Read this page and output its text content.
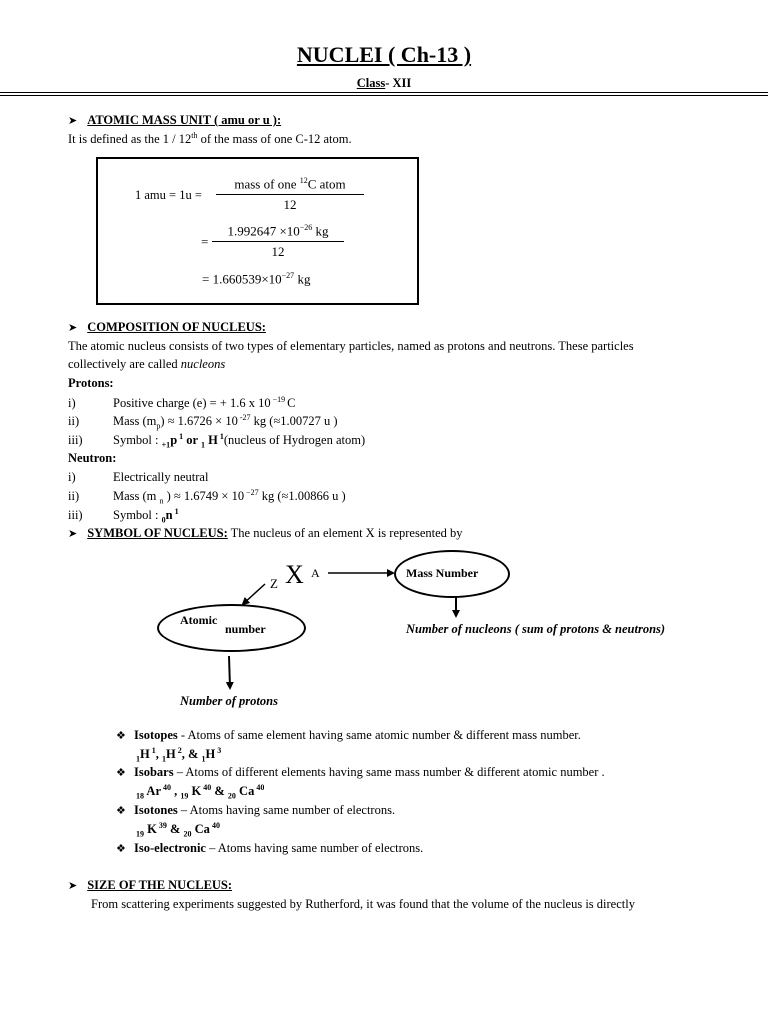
NUCLEI ( Ch-13 )
Class- XII
➤ ATOMIC MASS UNIT ( amu or u ):
It is defined as the 1 / 12th of the mass of one C-12 atom.
1 amu = 1u =
mass of one $^{12}$C atom
12
=
$1.992647 \times 10^{-26}$ kg
12
= $1.660539\times 10^{-27}$ kg
➤ COMPOSITION OF NUCLEUS:
The atomic nucleus consists of two types of elementary particles, named as protons and neutrons. These particles
collectively are called nucleons
Protons:
i)	Positive charge (e) = + 1.6 x 10 $^{-19}$ C
ii)	Mass $(m_p) \approx 1.6726 \times 10$ $^{-27}$ kg (≈1.00727 u )
iii) Symbol : $_{+1}$p $^1$ or $_1$ H $^1$(nucleus of Hydrogen atom)
Neutron:
i)	Electrically neutral
ii)	Mass (m $_n$ ) ≈ 1.6749 × 10 $^{-27}$ kg (≈1.00866 u )
iii) Symbol : $_0$n $^1$
➤ SYMBOL OF NUCLEUS: The nucleus of an element X is represented by
Z X A	Mass Number
Atomic
number	Number of nucleons ( sum of protons & neutrons)
Number of protons
❖ Isotopes - Atoms of same element having same atomic number & different mass number.
$_1$H $^1$, $_1$H $^2$, & $_1$H $^3$
❖ Isobars – Atoms of different elements having same mass number & different atomic number .
$_{18}$ Ar $^{40}$ , $_{19}$ K $^{40}$ & $_{20}$ Ca $^{40}$
❖ Isotones – Atoms having same number of electrons.
$_{19}$ K $^{39}$ & $_{20}$ Ca $^{40}$
❖ Iso-electronic – Atoms having same number of electrons.
➤ SIZE OF THE NUCLEUS:
From scattering experiments suggested by Rutherford, it was found that the volume of the nucleus is directly
